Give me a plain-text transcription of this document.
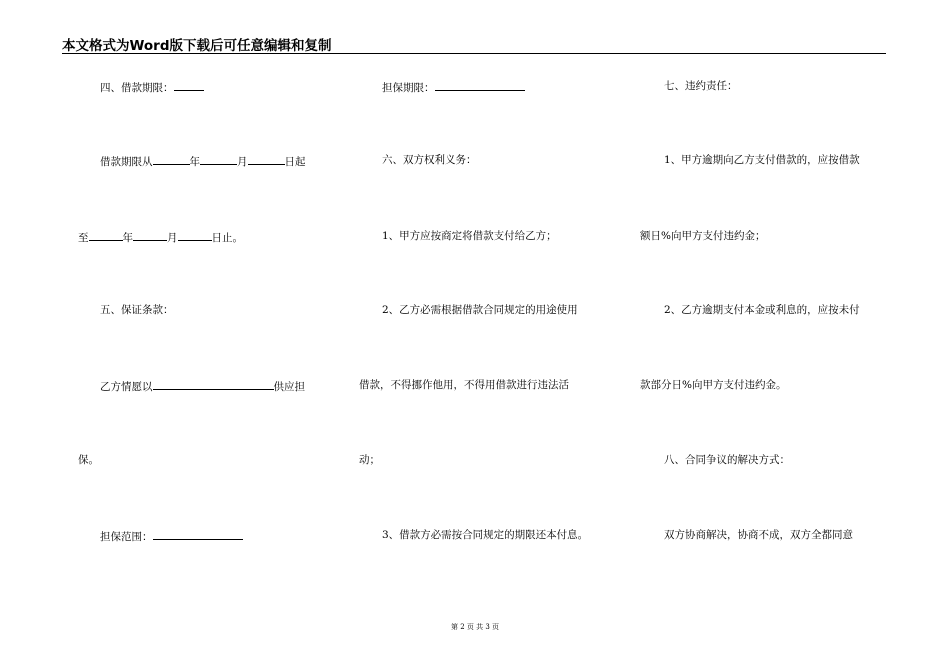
本文格式为Word版下载后可任意编辑和复制
四、借款期限：
借款期限从	年	月	日起
至	年	月	日止。
五、保证条款：
乙方情愿以	供应担
保。
担保范围：
担保期限：
六、双方权利义务：
1、甲方应按商定将借款支付给乙方；
2、乙方必需根据借款合同规定的用途使用
借款，不得挪作他用，不得用借款进行违法活
动；
3、借款方必需按合同规定的期限还本付息。
七、违约责任：
1、甲方逾期向乙方支付借款的，应按借款
额日%向甲方支付违约金；
2、乙方逾期支付本金或利息的，应按未付
款部分日%向甲方支付违约金。
八、合同争议的解决方式：
双方协商解决，协商不成，双方全都同意
第 2 页 共 3 页
